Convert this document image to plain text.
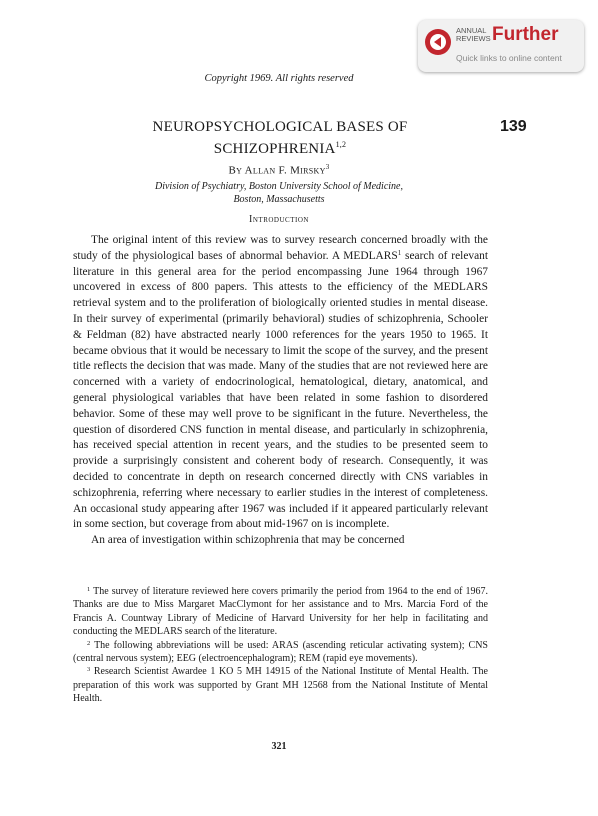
ANNUAL
REVIEWS Further
Quick links to online content
Copyright 1969. All rights reserved
139
NEUROPSYCHOLOGICAL BASES OF
SCHIZOPHRENIA$^{1,2}$
By Allan F. Mirsky$^3$
Division of Psychiatry, Boston University School of Medicine,
Boston, Massachusetts
Introduction

The original intent of this review was to survey research concerned broadly with the study of the physiological bases of abnormal behavior. A MEDLARS$^1$ search of relevant literature in this general area for the period encompassing June 1964 through 1967 uncovered in excess of 800 papers. This attests to the efficiency of the MEDLARS retrieval system and to the proliferation of biologically oriented studies in mental disease. In their survey of experimental (primarily behavioral) studies of schizophrenia, Schooler & Feldman (82) have abstracted nearly 1000 references for the years 1950 to 1965. It became obvious that it would be necessary to limit the scope of the survey, and the present title reflects the decision that was made. Many of the studies that are not reviewed here are concerned with a variety of endocrinological, hematological, dietary, anatomical, and general physiological variables that have been related in some fashion to disordered behavior. Some of these may well prove to be significant in the future. Nevertheless, the question of disordered CNS function in mental disease, and particularly in schizophrenia, has received special attention in recent years, and the studies to be presented seem to provide a surprisingly consistent and coherent body of research. Consequently, it was decided to concentrate in depth on research concerned directly with CNS variables in schizophrenia, referring where necessary to earlier studies in the interest of completeness. An occasional study appearing after 1967 was included if it appeared particularly relevant in some section, but coverage from about mid-1967 on is incomplete.

An area of investigation within schizophrenia that may be concerned

$^1$ The survey of literature reviewed here covers primarily the period from 1964 to the end of 1967. Thanks are due to Miss Margaret MacClymont for her assistance and to Mrs. Marcia Ford of the Francis A. Countway Library of Medicine of Harvard University for her help in facilitating and conducting the MEDLARS search of the literature.

$^2$ The following abbreviations will be used: ARAS (ascending reticular activating system); CNS (central nervous system); EEG (electroencephalogram); REM (rapid eye movements).

$^3$ Research Scientist Awardee 1 KO 5 MH 14915 of the National Institute of Mental Health. The preparation of this work was supported by Grant MH 12568 from the National Institute of Mental Health.

321
